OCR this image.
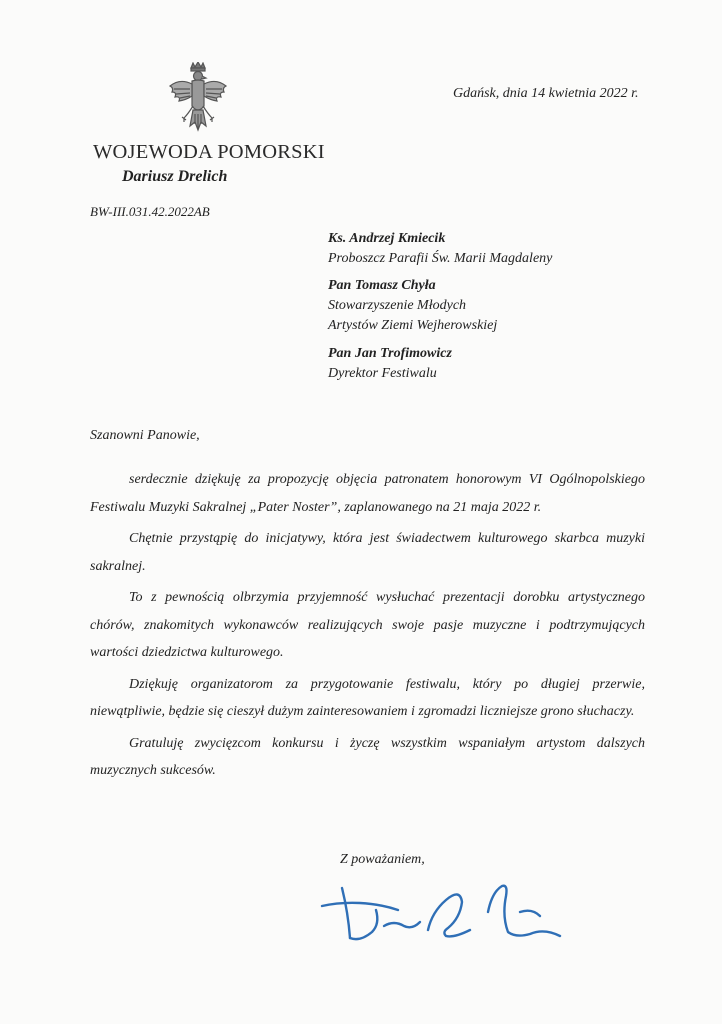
WOJEWODA POMORSKI
Dariusz Drelich
BW-III.031.42.2022AB
Gdańsk, dnia 14 kwietnia 2022 r.
Ks. Andrzej Kmiecik
Proboszcz Parafii Św. Marii Magdaleny
Pan Tomasz Chyła
Stowarzyszenie Młodych
Artystów Ziemi Wejherowskiej
Pan Jan Trofimowicz
Dyrektor Festiwalu
Szanowni Panowie,

serdecznie dziękuję za propozycję objęcia patronatem honorowym VI Ogólnopolskiego Festiwalu Muzyki Sakralnej „Pater Noster”, zaplanowanego na 21 maja 2022 r.

Chętnie przystąpię do inicjatywy, która jest świadectwem kulturowego skarbca muzyki sakralnej.

To z pewnością olbrzymia przyjemność wysłuchać prezentacji dorobku artystycznego chórów, znakomitych wykonawców realizujących swoje pasje muzyczne i podtrzymujących wartości dziedzictwa kulturowego.

Dziękuję organizatorom za przygotowanie festiwalu, który po długiej przerwie, niewątpliwie, będzie się cieszył dużym zainteresowaniem i zgromadzi liczniejsze grono słuchaczy.

Gratuluję zwycięzcom konkursu i życzę wszystkim wspaniałym artystom dalszych muzycznych sukcesów.

Z poważaniem,
